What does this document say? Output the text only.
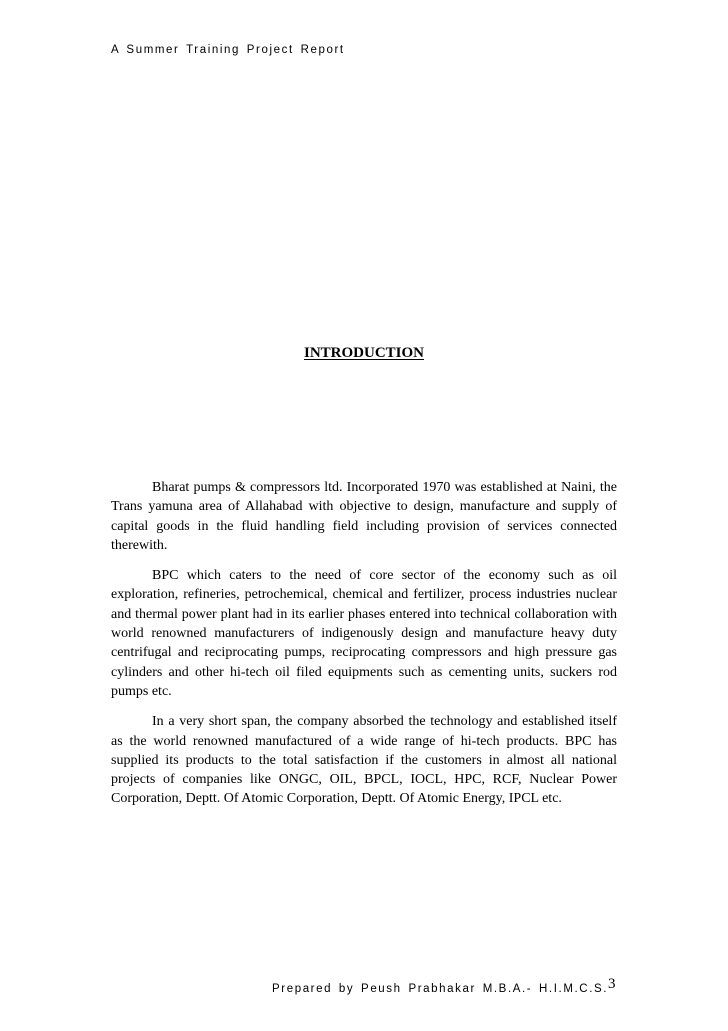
A Summer Training Project Report
INTRODUCTION

Bharat pumps & compressors ltd. Incorporated 1970 was established at Naini, the Trans yamuna area of Allahabad with objective to design, manufacture and supply of capital goods in the fluid handling field including provision of services connected therewith.

BPC which caters to the need of core sector of the economy such as oil exploration, refineries, petrochemical, chemical and fertilizer, process industries nuclear and thermal power plant had in its earlier phases entered into technical collaboration with world renowned manufacturers of indigenously design and manufacture heavy duty centrifugal and reciprocating pumps, reciprocating compressors and high pressure gas cylinders and other hi-tech oil filed equipments such as cementing units, suckers rod pumps etc.

In a very short span, the company absorbed the technology and established itself as the world renowned manufactured of a wide range of hi-tech products. BPC has supplied its products to the total satisfaction if the customers in almost all national projects of companies like ONGC, OIL, BPCL, IOCL, HPC, RCF, Nuclear Power Corporation, Deptt. Of Atomic Corporation, Deptt. Of Atomic Energy, IPCL etc.

Prepared by Peush Prabhakar M.B.A.- H.I.M.C.S. 3
